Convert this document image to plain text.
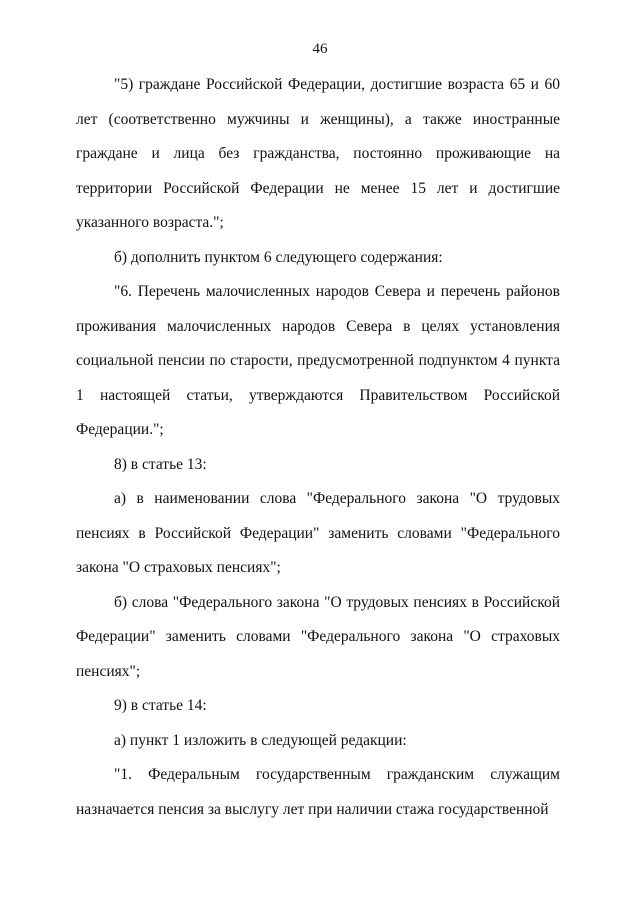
46

"5) граждане Российской Федерации, достигшие возраста 65 и 60 лет (соответственно мужчины и женщины), а также иностранные граждане и лица без гражданства, постоянно проживающие на территории Российской Федерации не менее 15 лет и достигшие указанного возраста.";

б) дополнить пунктом 6 следующего содержания:

"6. Перечень малочисленных народов Севера и перечень районов проживания малочисленных народов Севера в целях установления социальной пенсии по старости, предусмотренной подпунктом 4 пункта 1 настоящей статьи, утверждаются Правительством Российской Федерации.";

8) в статье 13:

а) в наименовании слова "Федерального закона "О трудовых пенсиях в Российской Федерации" заменить словами "Федерального закона "О страховых пенсиях";

б) слова "Федерального закона "О трудовых пенсиях в Российской Федерации" заменить словами "Федерального закона "О страховых пенсиях";

9) в статье 14:

а) пункт 1 изложить в следующей редакции:

"1. Федеральным государственным гражданским служащим назначается пенсия за выслугу лет при наличии стажа государственной
